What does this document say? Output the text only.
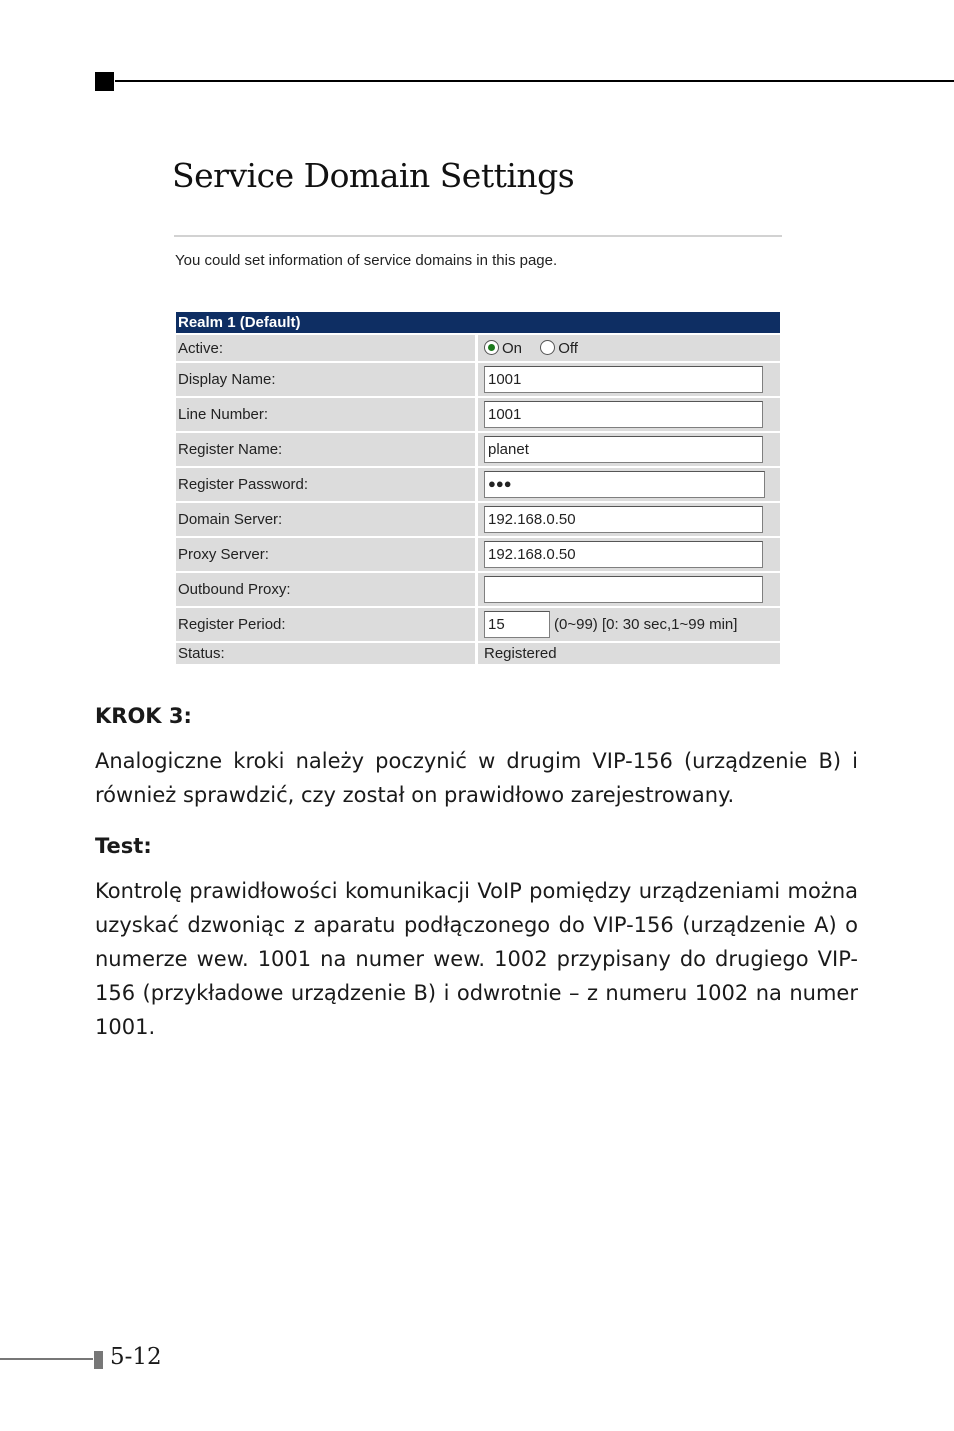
Service Domain Settings

You could set information of service domains in this page.

Realm 1 (Default)	
Active:	On Off
Display Name:	1001
Line Number:	1001
Register Name:	planet
Register Password:	●●●
Domain Server:	192.168.0.50
Proxy Server:	192.168.0.50
Outbound Proxy:	
Register Period:	15 (0~99) [0: 30 sec,1~99 min]
Status:	Registered
KROK 3:

Analogiczne kroki należy poczynić w drugim VIP-156 (urządzenie B) i również sprawdzić, czy został on prawidłowo zarejestrowany.

Test:

Kontrolę prawidłowości komunikacji VoIP pomiędzy urządzeniami można uzyskać dzwoniąc z aparatu podłączonego do VIP-156 (urządzenie A) o numerze wew. 1001 na numer wew. 1002 przypisany do drugiego VIP-156 (przykładowe urządzenie B) i odwrotnie – z numeru 1002 na numer 1001.

5-12
